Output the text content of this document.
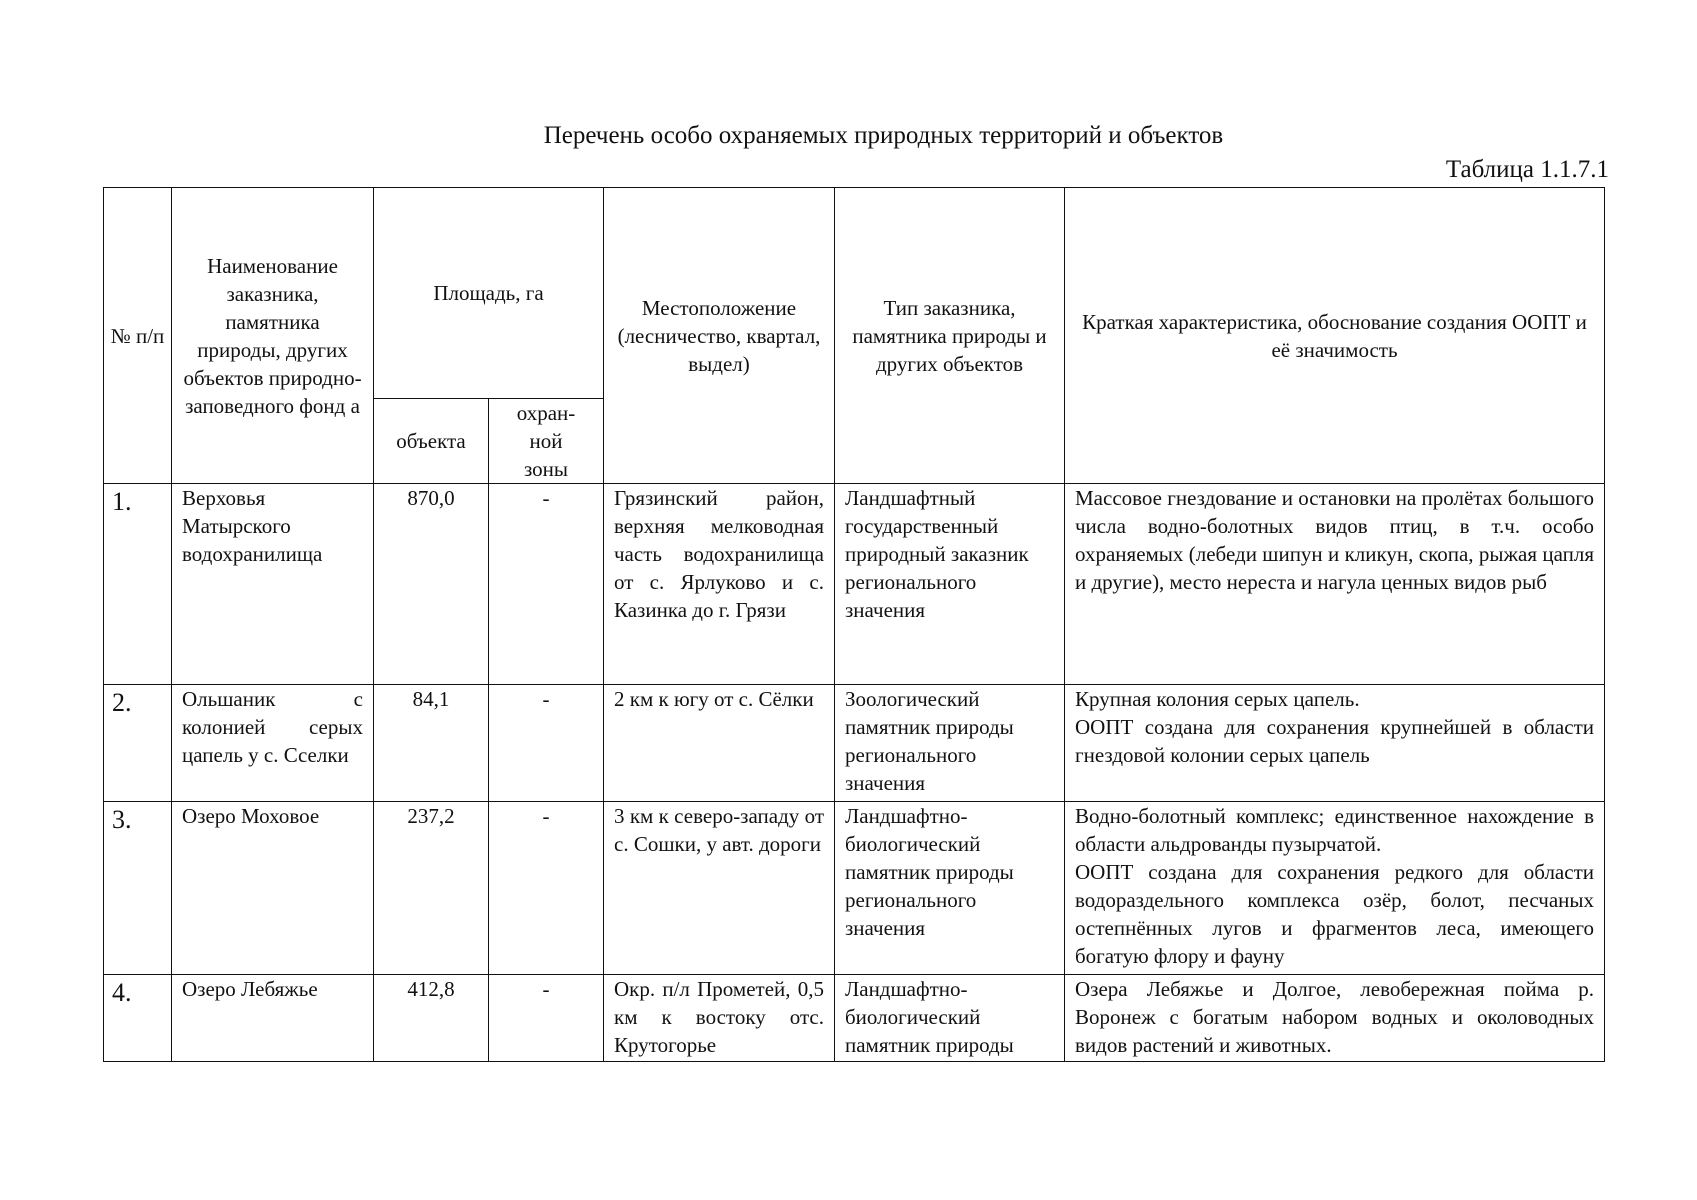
Перечень особо охраняемых природных территорий и объектов
Таблица 1.1.7.1
№ п/п	Наименование заказника, памятника природы, других объектов природно-заповедного фонд а	Площадь, га		Местоположение (лесничество, квартал, выдел)	Тип заказника, памятника природы и других объектов	Краткая характеристика, обоснование создания ООПТ и её значимость
		объекта	охран-ной зоны			
1.	Верховья Матырского водохранилища	870,0	-	Грязинский район, верхняя мелководная часть водохранилища от с. Ярлуково и с. Казинка до г. Грязи	Ландшафтный государственный природный заказник регионального значения	Массовое гнездование и остановки на пролётах большого числа водно-болотных видов птиц, в т.ч. особо охраняемых (лебеди шипун и кликун, скопа, рыжая цапля и другие), место нереста и нагула ценных видов рыб
2.	Ольшаник с колонией серых цапель у с. Сселки	84,1	-	2 км к югу от с. Сёлки	Зоологический памятник природы регионального значения	Крупная колония серых цапель.
ООПТ создана для сохранения крупнейшей в области гнездовой колонии серых цапель

3.	Озеро Моховое	237,2	-	3 км к северо-западу от с. Сошки, у авт. дороги	Ландшафтно-биологический памятник природы регионального значения	Водно-болотный комплекс; единственное нахождение в области альдрованды пузырчатой.
ООПТ создана для сохранения редкого для области водораздельного комплекса озёр, болот, песчаных остепнённых лугов и фрагментов леса, имеющего богатую флору и фауну

4.	Озеро Лебяжье	412,8	-	Окр. п/л Прометей, 0,5 км к востоку отс. Крутогорье	Ландшафтно-биологический памятник природы	Озера Лебяжье и Долгое, левобережная пойма р. Воронеж с богатым набором водных и околоводных видов растений и животных.
